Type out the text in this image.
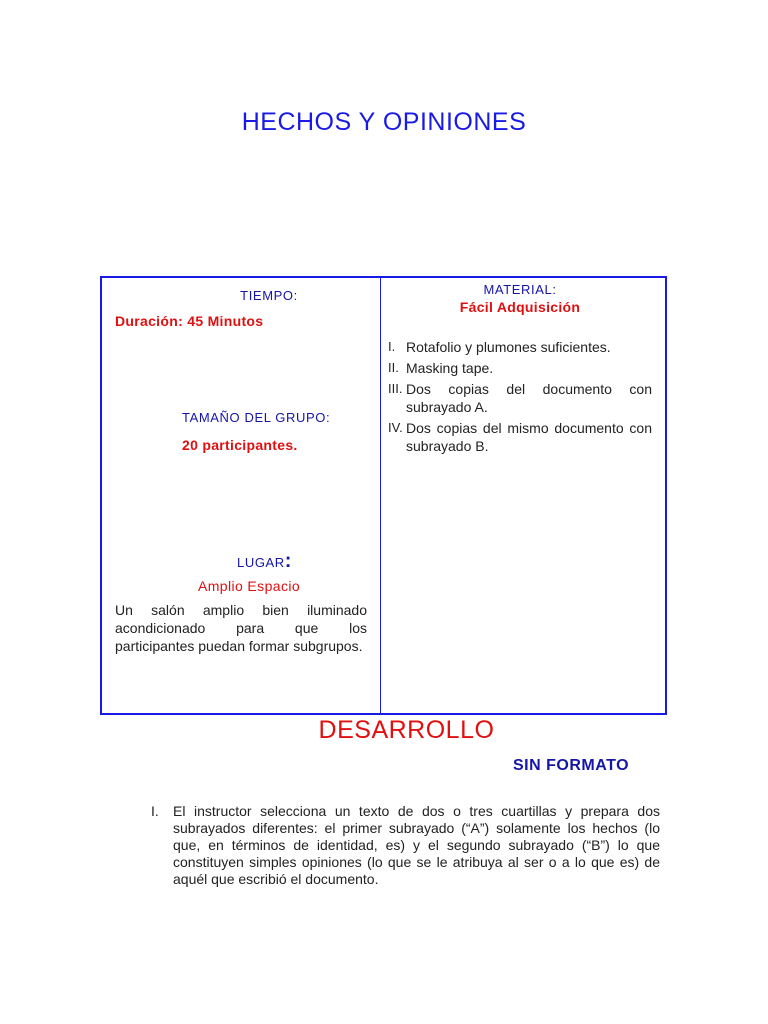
HECHOS Y OPINIONES
TIEMPO:
Duración: 45 Minutos
TAMAÑO DEL GRUPO:
20 participantes.
LUGAR:
Amplio Espacio
Un salón amplio bien iluminado acondicionado para que los participantes puedan formar subgrupos.
MATERIAL:
Fácil Adquisición
I. Rotafolio y plumones suficientes.
II. Masking tape.
III. Dos copias del documento con subrayado A.
IV. Dos copias del mismo documento con subrayado B.
DESARROLLO
SIN FORMATO
I. El instructor selecciona un texto de dos o tres cuartillas y prepara dos subrayados diferentes: el primer subrayado (“A”) solamente los hechos (lo que, en términos de identidad, es) y el segundo subrayado (“B”) lo que constituyen simples opiniones (lo que se le atribuya al ser o a lo que es) de aquél que escribió el documento.
